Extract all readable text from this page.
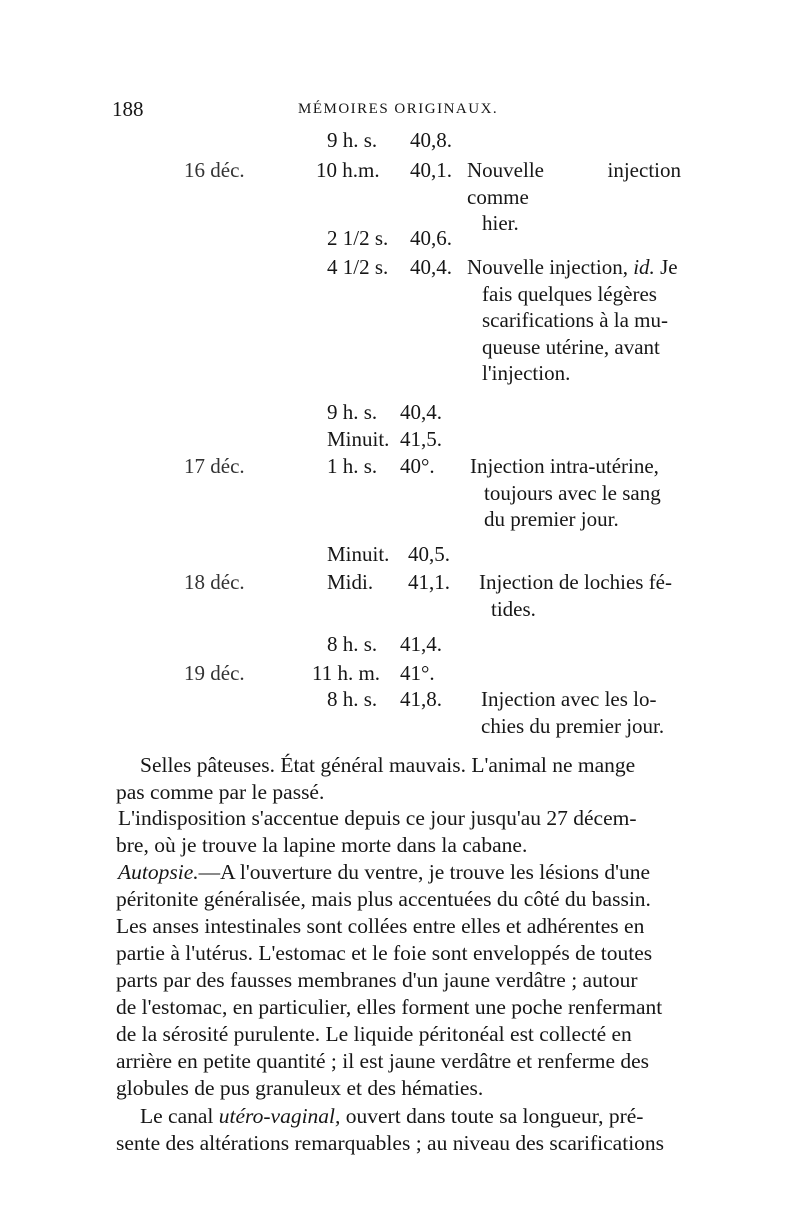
188	MÉMOIRES ORIGINAUX.
9 h. s. 40,8.
16 déc.	10 h.m. 40,1. Nouvelle injection comme
hier.
2 1/2 s. 40,6.
4 1/2 s. 40,4. Nouvelle injection, id. Je
fais quelques légères
scarifications à la mu-
queuse utérine, avant
l'injection.
9 h. s. 40,4.
Minuit. 41,5.
17 déc.	1 h. s. 40°. Injection intra-utérine,
toujours avec le sang
du premier jour.
Minuit. 40,5.
18 déc.	Midi. 41,1. Injection de lochies fé-
tides.
8 h. s. 41,4.
19 déc.	11 h. m. 41°.
8 h. s. 41,8. Injection avec les lo-
chies du premier jour.
Selles pâteuses. État général mauvais. L'animal ne mange
pas comme par le passé.
L'indisposition s'accentue depuis ce jour jusqu'au 27 décem-
bre, où je trouve la lapine morte dans la cabane.
Autopsie.—A l'ouverture du ventre, je trouve les lésions d'une
péritonite généralisée, mais plus accentuées du côté du bassin.
Les anses intestinales sont collées entre elles et adhérentes en
partie à l'utérus. L'estomac et le foie sont enveloppés de toutes
parts par des fausses membranes d'un jaune verdâtre ; autour
de l'estomac, en particulier, elles forment une poche renfermant
de la sérosité purulente. Le liquide péritonéal est collecté en
arrière en petite quantité ; il est jaune verdâtre et renferme des
globules de pus granuleux et des hématies.
Le canal utéro-vaginal, ouvert dans toute sa longueur, pré-
sente des altérations remarquables ; au niveau des scarifications
